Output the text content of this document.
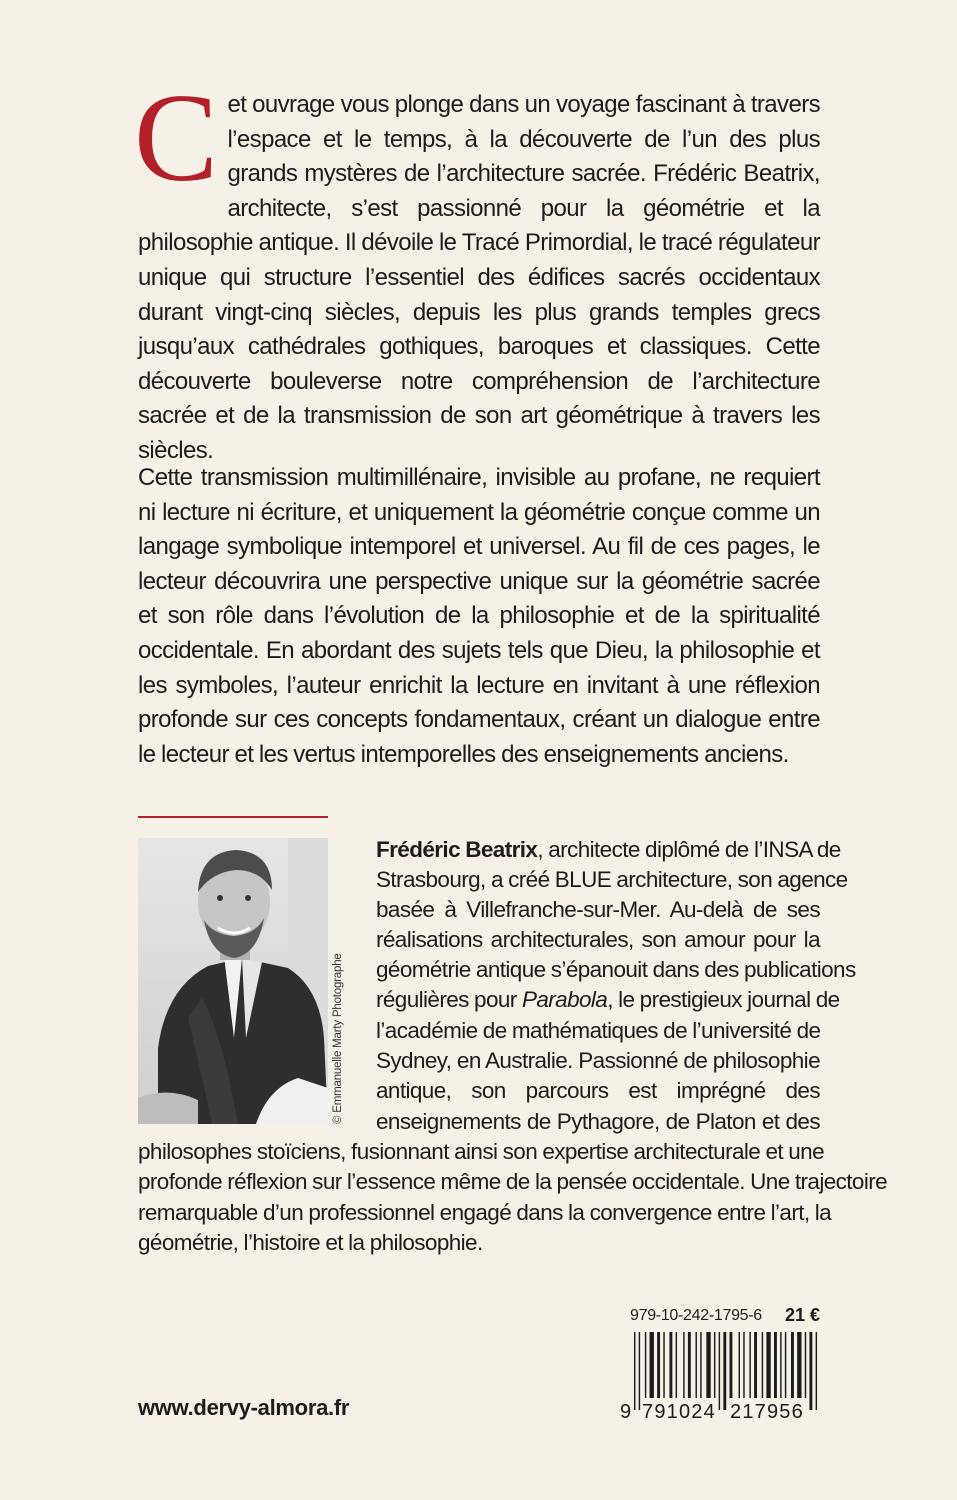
Cet ouvrage vous plonge dans un voyage fascinant à travers l’espace et le temps, à la découverte de l’un des plus grands mystères de l’architecture sacrée. Frédéric Beatrix, architecte, s’est passionné pour la géométrie et la philosophie antique. Il dévoile le Tracé Primordial, le tracé régulateur unique qui structure l’essentiel des édifices sacrés occidentaux durant vingt-cinq siècles, depuis les plus grands temples grecs jusqu’aux cathédrales gothiques, baroques et classiques. Cette découverte bouleverse notre compréhension de l’architecture sacrée et de la transmission de son art géométrique à travers les siècles.

Cette transmission multimillénaire, invisible au profane, ne requiert ni lecture ni écriture, et uniquement la géométrie conçue comme un langage symbolique intemporel et universel. Au fil de ces pages, le lecteur découvrira une perspective unique sur la géométrie sacrée et son rôle dans l’évolution de la philosophie et de la spiritualité occidentale. En abordant des sujets tels que Dieu, la philosophie et les symboles, l’auteur enrichit la lecture en invitant à une réflexion profonde sur ces concepts fondamentaux, créant un dialogue entre le lecteur et les vertus intemporelles des enseignements anciens.

© Emmanuelle Marty Photographe
Frédéric Beatrix, architecte diplômé de l’INSA de
Strasbourg, a créé BLUE architecture, son agence
basée à Villefranche-sur-Mer. Au-delà de ses
réalisations architecturales, son amour pour la
géométrie antique s’épanouit dans des publications
régulières pour Parabola, le prestigieux journal de
l’académie de mathématiques de l’université de
Sydney, en Australie. Passionné de philosophie
antique, son parcours est imprégné des
enseignements de Pythagore, de Platon et des
philosophes stoïciens, fusionnant ainsi son expertise architecturale et une
profonde réflexion sur l’essence même de la pensée occidentale. Une trajectoire
remarquable d’un professionnel engagé dans la convergence entre l’art, la
géométrie, l’histoire et la philosophie.
979-10-242-1795-6 21 €
9 791024 217956
www.dervy-almora.fr
